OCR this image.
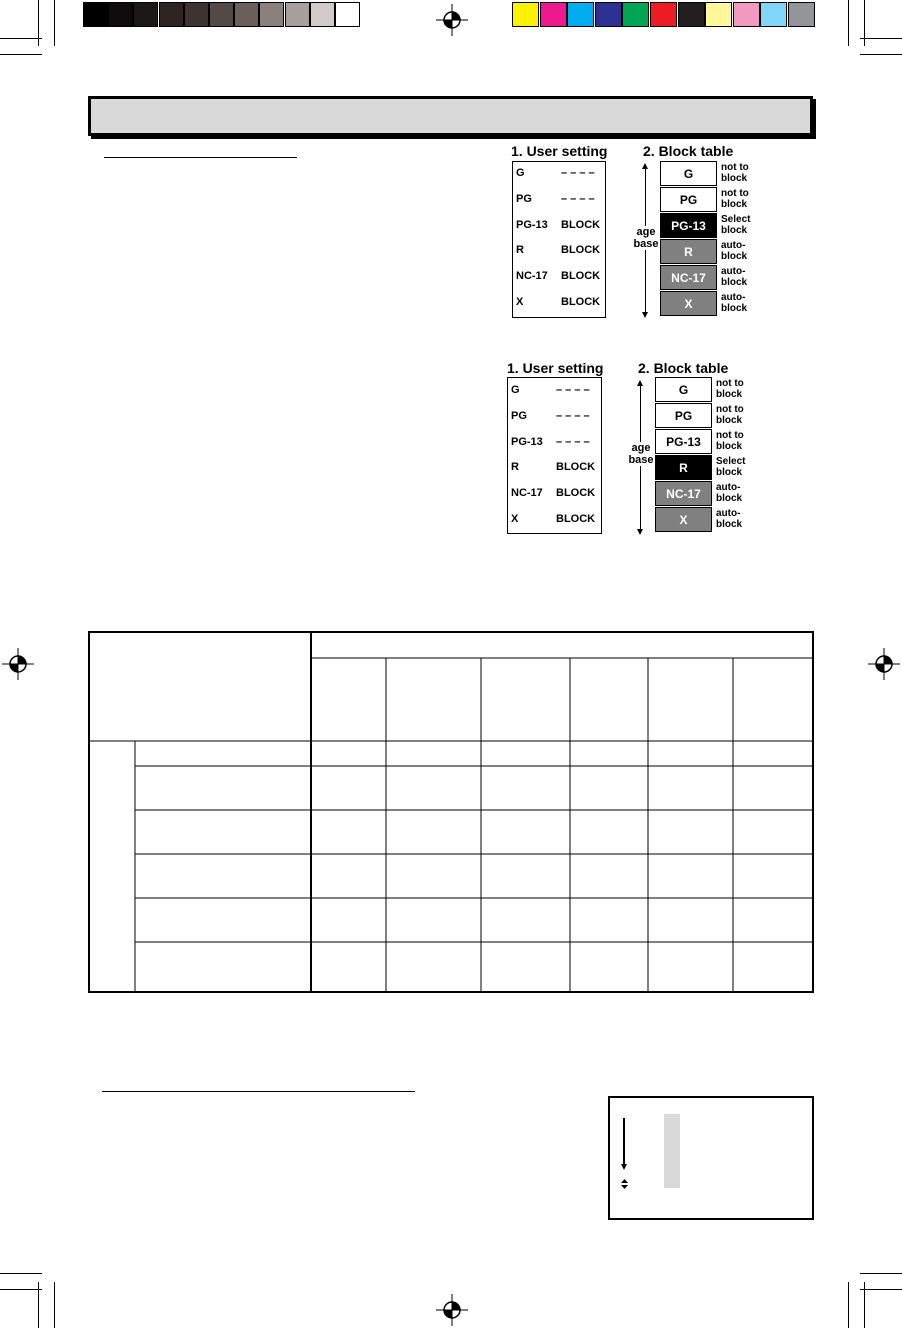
1. User setting	2. Block table
age
base
G	– – – –
PG	– – – –
PG-13 BLOCK
R	BLOCK
NC-17 BLOCK
X	BLOCK
G	not to
block
PG	not to
block
PG-13	Select
block
R	auto-
block
NC-17	auto-
block
X	auto-
block
1. User setting 2. Block table
age
base
G	– – – –
PG	– – – –
PG-13 – – – –
R	BLOCK
NC-17 BLOCK
X	BLOCK
G	not to
block
PG	not to
block
PG-13	not to
block
R	Select
block
NC-17	auto-
block
X	auto-
block
